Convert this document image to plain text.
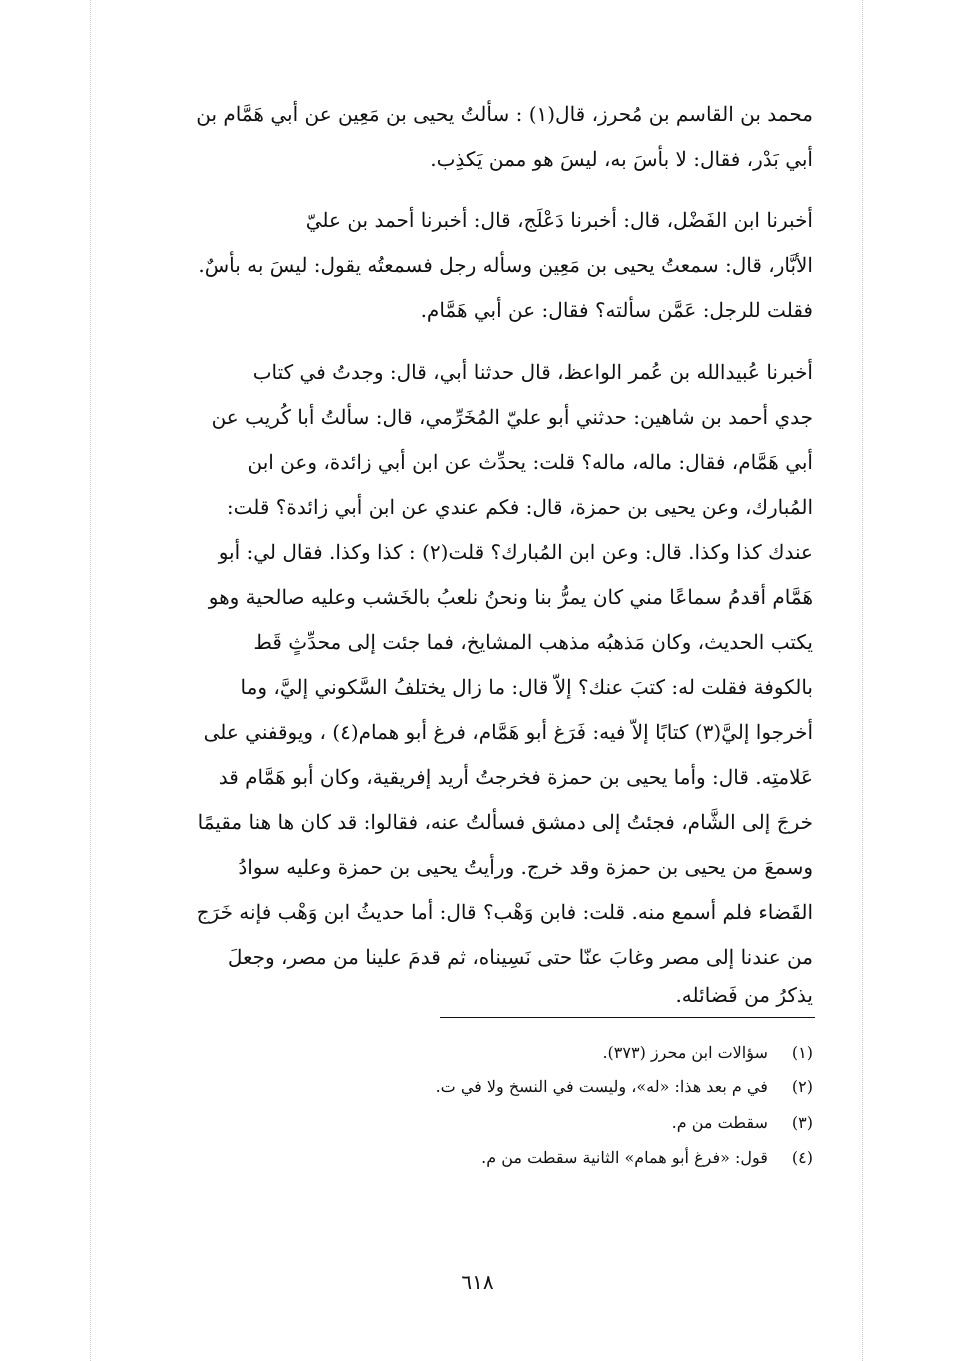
محمد بن القاسم بن مُحرز، قال(١) : سألتُ يحيى بن مَعِين عن أبي هَمَّام بن
أبي بَدْر، فقال: لا بأسَ به، ليسَ هو ممن يَكذِب.
أخبرنا ابن الفَضْل، قال: أخبرنا دَعْلَج، قال: أخبرنا أحمد بن عليّ
الأبَّار، قال: سمعتُ يحيى بن مَعِين وسأله رجل فسمعتُه يقول: ليسَ به بأسٌ.
فقلت للرجل: عَمَّن سألته؟ فقال: عن أبي هَمَّام.
أخبرنا عُبيدالله بن عُمر الواعظ، قال حدثنا أبي، قال: وجدتُ في كتاب
جدي أحمد بن شاهين: حدثني أبو عليّ المُخَرِّمي، قال: سألتُ أبا كُريب عن
أبي هَمَّام، فقال: ماله، ماله؟ قلت: يحدِّث عن ابن أبي زائدة، وعن ابن
المُبارك، وعن يحيى بن حمزة، قال: فكم عندي عن ابن أبي زائدة؟ قلت:
عندك كذا وكذا. قال: وعن ابن المُبارك؟ قلت(٢) : كذا وكذا. فقال لي: أبو
هَمَّام أقدمُ سماعًا مني كان يمرُّ بنا ونحنُ نلعبُ بالخَشب وعليه صالحية وهو
يكتب الحديث، وكان مَذهبُه مذهب المشايخ، فما جئت إلى محدِّثٍ قَط
بالكوفة فقلت له: كتبَ عنك؟ إلاّ قال: ما زال يختلفُ السَّكوني إليَّ، وما
أخرجوا إليَّ(٣) كتابًا إلاّ فيه: فَرَغ أبو هَمَّام، فرغ أبو همام(٤) ، ويوقفني على
عَلامتِه. قال: وأما يحيى بن حمزة فخرجتُ أريد إفريقية، وكان أبو هَمَّام قد
خرجَ إلى الشَّام، فجئتُ إلى دمشق فسألتُ عنه، فقالوا: قد كان ها هنا مقيمًا
وسمعَ من يحيى بن حمزة وقد خرج. ورأيتُ يحيى بن حمزة وعليه سوادُ
القَضاء فلم أسمع منه. قلت: فابن وَهْب؟ قال: أما حديثُ ابن وَهْب فإنه خَرَج
من عندنا إلى مصر وغابَ عنّا حتى نَسِيناه، ثم قدمَ علينا من مصر، وجعلَ
يذكرُ من فَضائله.
(١) سؤالات ابن محرز (٣٧٣).
(٢) في م بعد هذا: «له»، وليست في النسخ ولا في ت.
(٣) سقطت من م.
(٤) قول: «فرغ أبو همام» الثانية سقطت من م.
٦١٨
